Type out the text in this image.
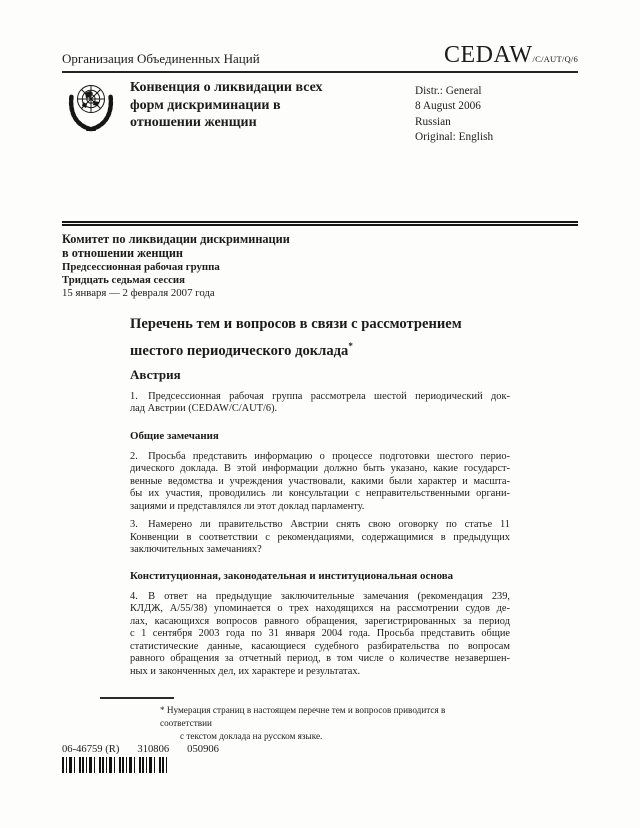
Организация Объединенных Наций	CEDAW/C/AUT/Q/6
Конвенция о ликвидации всех
форм дискриминации в
отношении женщин
Distr.: General
8 August 2006
Russian
Original: English
Комитет по ликвидации дискриминации
в отношении женщин
Предсессионная рабочая группа
Тридцать седьмая сессия
15 января — 2 февраля 2007 года
Перечень тем и вопросов в связи с рассмотрением
шестого периодического доклада*
Австрия
1. Предсессионная рабочая группа рассмотрела шестой периодический док-
лад Австрии (CEDAW/C/AUT/6).
Общие замечания
2. Просьба представить информацию о процессе подготовки шестого перио-
дического доклада. В этой информации должно быть указано, какие государст-
венные ведомства и учреждения участвовали, какими были характер и масшта-
бы их участия, проводились ли консультации с неправительственными органи-
зациями и представлялся ли этот доклад парламенту.
3. Намерено ли правительство Австрии снять свою оговорку по статье 11
Конвенции в соответствии с рекомендациями, содержащимися в предыдущих
заключительных замечаниях?
Конституционная, законодательная и институциональная основа
4. В ответ на предыдущие заключительные замечания (рекомендация 239,
КЛДЖ, A/55/38) упоминается о трех находящихся на рассмотрении судов де-
лах, касающихся вопросов равного обращения, зарегистрированных за период
с 1 сентября 2003 года по 31 января 2004 года. Просьба представить общие
статистические данные, касающиеся судебного разбирательства по вопросам
равного обращения за отчетный период, в том числе о количестве незавершен-
ных и законченных дел, их характере и результатах.
* Нумерация страниц в настоящем перечне тем и вопросов приводится в соответствии
с текстом доклада на русском языке.
06-46759 (R) 310806 050906
